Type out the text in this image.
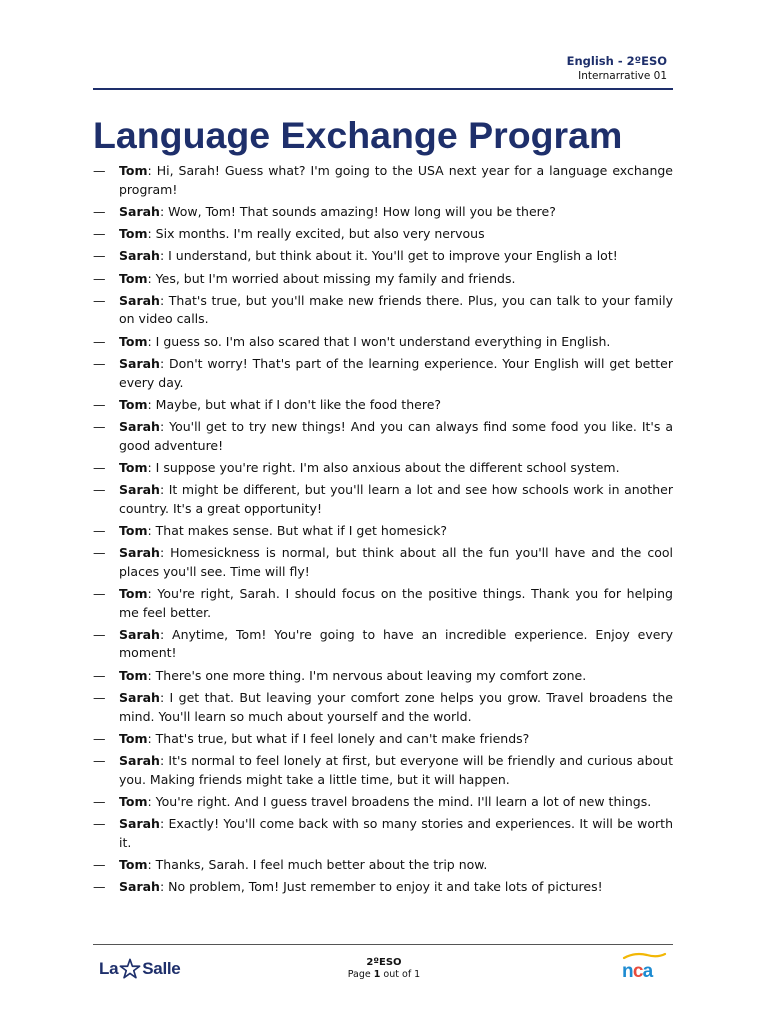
English - 2ºESO
Internarrative 01
Language Exchange Program
—	Tom: Hi, Sarah! Guess what? I'm going to the USA next year for a language exchange program!
—	Sarah: Wow, Tom! That sounds amazing! How long will you be there?
—	Tom: Six months. I'm really excited, but also very nervous
—	Sarah: I understand, but think about it. You'll get to improve your English a lot!
—	Tom: Yes, but I'm worried about missing my family and friends.
—	Sarah: That's true, but you'll make new friends there. Plus, you can talk to your family on video calls.
—	Tom: I guess so. I'm also scared that I won't understand everything in English.
—	Sarah: Don't worry! That's part of the learning experience. Your English will get better every day.
—	Tom: Maybe, but what if I don't like the food there?
—	Sarah: You'll get to try new things! And you can always find some food you like. It's a good adventure!
—	Tom: I suppose you're right. I'm also anxious about the different school system.
—	Sarah: It might be different, but you'll learn a lot and see how schools work in another country. It's a great opportunity!
—	Tom: That makes sense. But what if I get homesick?
—	Sarah: Homesickness is normal, but think about all the fun you'll have and the cool places you'll see. Time will fly!
—	Tom: You're right, Sarah. I should focus on the positive things. Thank you for helping me feel better.
—	Sarah: Anytime, Tom! You're going to have an incredible experience. Enjoy every moment!
—	Tom: There's one more thing. I'm nervous about leaving my comfort zone.
—	Sarah: I get that. But leaving your comfort zone helps you grow. Travel broadens the mind. You'll learn so much about yourself and the world.
—	Tom: That's true, but what if I feel lonely and can't make friends?
—	Sarah: It's normal to feel lonely at first, but everyone will be friendly and curious about you. Making friends might take a little time, but it will happen.
—	Tom: You're right. And I guess travel broadens the mind. I'll learn a lot of new things.
—	Sarah: Exactly! You'll come back with so many stories and experiences. It will be worth it.
—	Tom: Thanks, Sarah. I feel much better about the trip now.
—	Sarah: No problem, Tom! Just remember to enjoy it and take lots of pictures!
La Salle	2ºESO
Page 1 out of 1	nca
